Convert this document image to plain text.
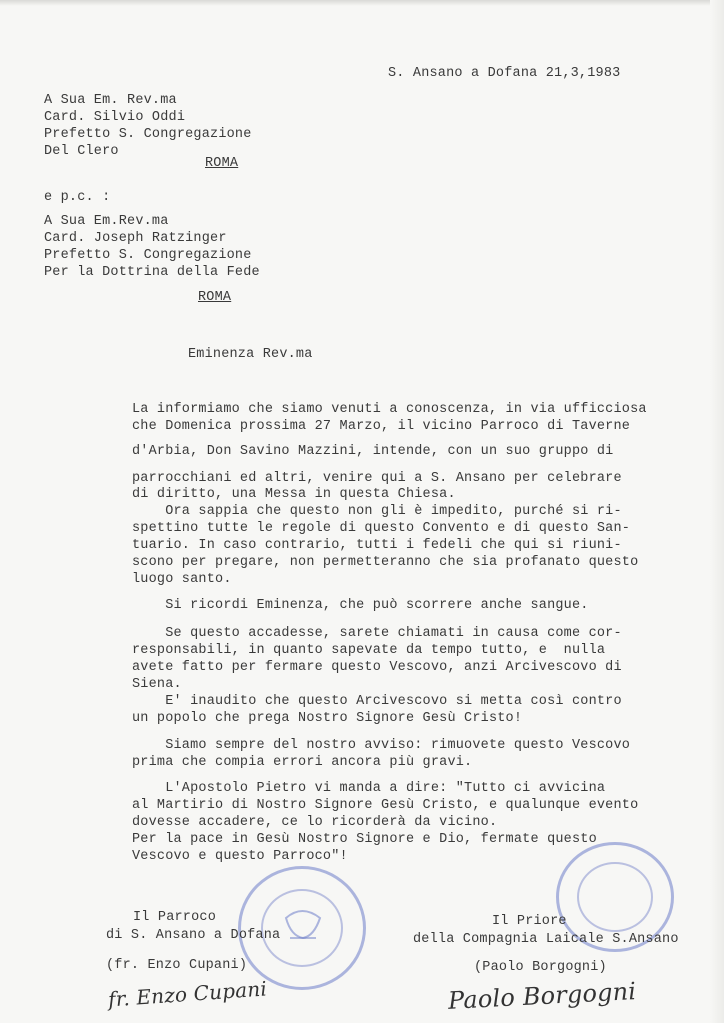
S. Ansano a Dofana 21,3,1983
A Sua Em. Rev.ma
Card. Silvio Oddi
Prefetto S. Congregazione
Del Clero
ROMA
e p.c. :
A Sua Em.Rev.ma
Card. Joseph Ratzinger
Prefetto S. Congregazione
Per la Dottrina della Fede
ROMA
Eminenza Rev.ma
La informiamo che siamo venuti a conoscenza, in via ufficciosa
che Domenica prossima 27 Marzo, il vicino Parroco di Taverne
d'Arbia, Don Savino Mazzini, intende, con un suo gruppo di
parrocchiani ed altri, venire qui a S. Ansano per celebrare
di diritto, una Messa in questa Chiesa.
Ora sappia che questo non gli è impedito, purché si ri-
spettino tutte le regole di questo Convento e di questo San-
tuario. In caso contrario, tutti i fedeli che qui si riuni-
scono per pregare, non permetteranno che sia profanato questo
luogo santo.
Si ricordi Eminenza, che può scorrere anche sangue.
Se questo accadesse, sarete chiamati in causa come cor-
responsabili, in quanto sapevate da tempo tutto, e  nulla
avete fatto per fermare questo Vescovo, anzi Arcivescovo di
Siena.
E' inaudito che questo Arcivescovo si metta così contro
un popolo che prega Nostro Signore Gesù Cristo!
Siamo sempre del nostro avviso: rimuovete questo Vescovo
prima che compia errori ancora più gravi.
L'Apostolo Pietro vi manda a dire: "Tutto ci avvicina
al Martirio di Nostro Signore Gesù Cristo, e qualunque evento
dovesse accadere, ce lo ricorderà da vicino.
Per la pace in Gesù Nostro Signore e Dio, fermate questo
Vescovo e questo Parroco"!
Il Parroco
di S. Ansano a Dofana
(fr. Enzo Cupani)
fr. Enzo Cupani
Il Priore
della Compagnia Laicale S.Ansano
(Paolo Borgogni)
Paolo Borgogni
